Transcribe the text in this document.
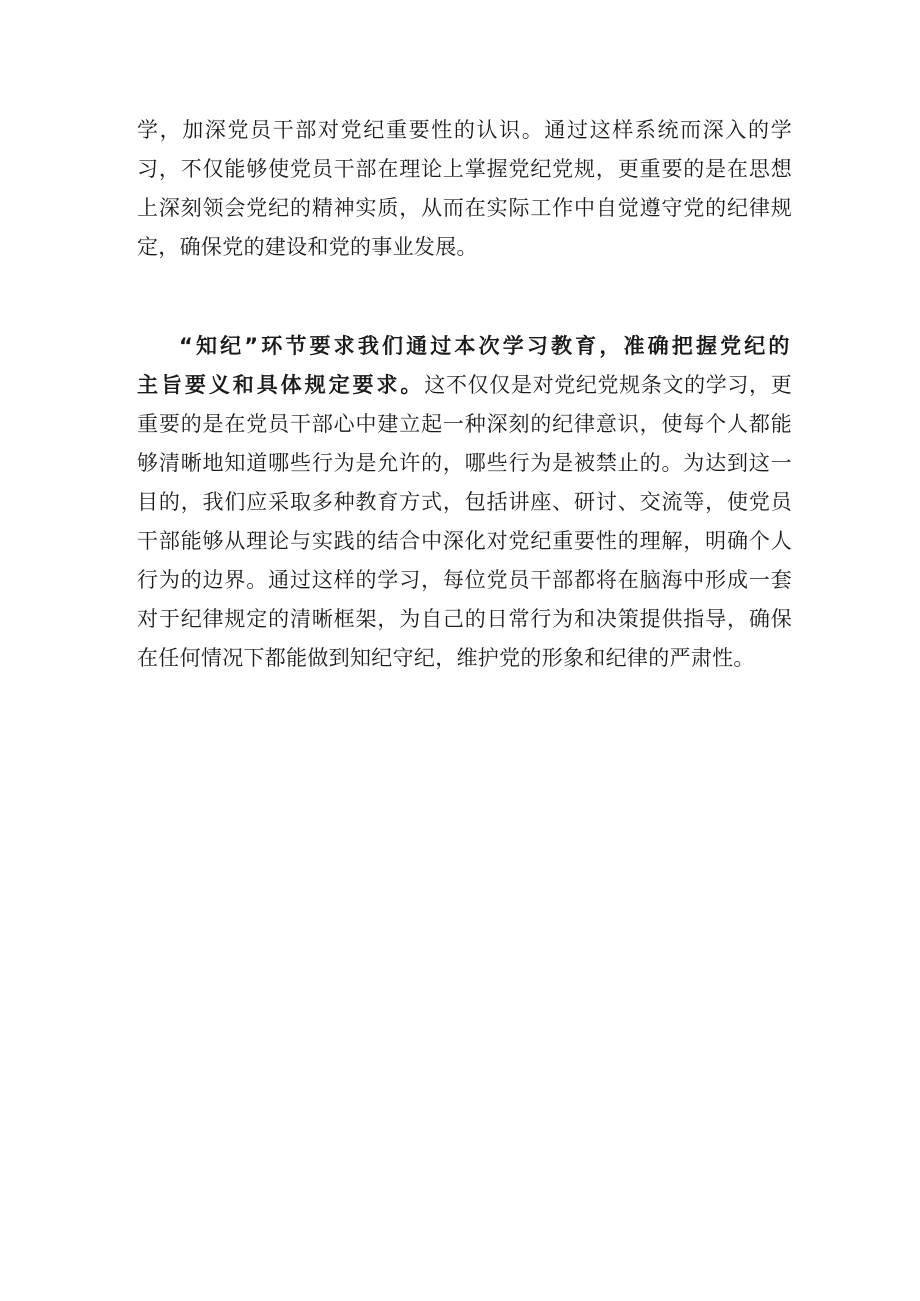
学，加深党员干部对党纪重要性的认识。通过这样系统而深入的学习，不仅能够使党员干部在理论上掌握党纪党规，更重要的是在思想上深刻领会党纪的精神实质，从而在实际工作中自觉遵守党的纪律规定，确保党的建设和党的事业发展。

“知纪”环节要求我们通过本次学习教育，准确把握党纪的主旨要义和具体规定要求。这不仅仅是对党纪党规条文的学习，更重要的是在党员干部心中建立起一种深刻的纪律意识，使每个人都能够清晰地知道哪些行为是允许的，哪些行为是被禁止的。为达到这一目的，我们应采取多种教育方式，包括讲座、研讨、交流等，使党员干部能够从理论与实践的结合中深化对党纪重要性的理解，明确个人行为的边界。通过这样的学习，每位党员干部都将在脑海中形成一套对于纪律规定的清晰框架，为自己的日常行为和决策提供指导，确保在任何情况下都能做到知纪守纪，维护党的形象和纪律的严肃性。
